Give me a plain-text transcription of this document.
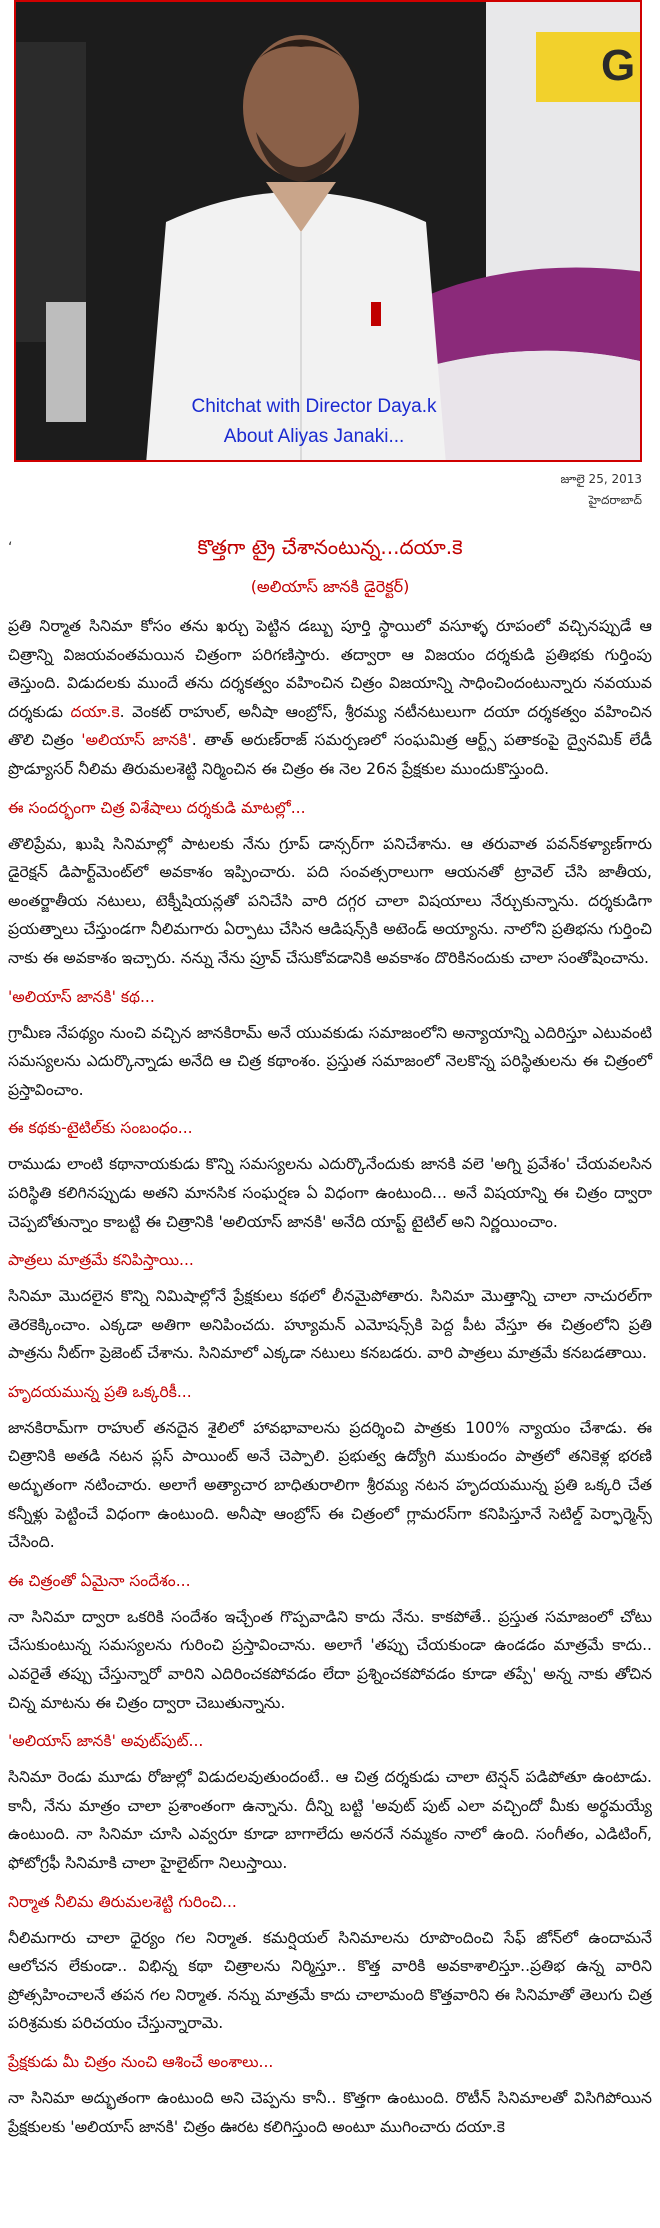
G
Chitchat with Director Daya.k
About Aliyas Janaki...
జూలై 25, 2013
హైదరాబాద్
‘	కొత్తగా ట్రై చేశానంటున్న...దయా.కె
(అలియాస్ జానకి డైరెక్టర్)

ప్రతి నిర్మాత సినిమా కోసం తను ఖర్చు పెట్టిన డబ్బు పూర్తి స్థాయిలో వసూళ్ళ రూపంలో వచ్చినప్పుడే ఆ చిత్రాన్ని విజయవంతమయిన చిత్రంగా పరిగణిస్తారు. తద్వారా ఆ విజయం దర్శకుడి ప్రతిభకు గుర్తింపు తెస్తుంది. విడుదలకు ముందే తను దర్శకత్వం వహించిన చిత్రం విజయాన్ని సాధించిందంటున్నారు నవయువ దర్శకుడు దయా.కె. వెంకట్ రాహుల్, అనీషా ఆంబ్రోస్, శ్రీరమ్య నటీనటులుగా దయా దర్శకత్వం వహించిన తొలి చిత్రం 'అలియాస్ జానకి'. తాత్ అరుణ్‌రాజ్ సమర్పణలో సంఘమిత్ర ఆర్ట్స్ పతాకంపై ద్వైనమిక్ లేడీ ప్రొడ్యూసర్ నీలిమ తిరుమలశెట్టి నిర్మించిన ఈ చిత్రం ఈ నెల 26న ప్రేక్షకుల ముందుకొస్తుంది.

ఈ సందర్భంగా చిత్ర విశేషాలు దర్శకుడి మాటల్లో...

తొలిప్రేమ, ఖుషి సినిమాల్లో పాటలకు నేను గ్రూప్ డాన్సర్‌గా పనిచేశాను. ఆ తరువాత పవన్‌కళ్యాణ్‌గారు డైరెక్షన్ డిపార్ట్‌మెంట్‌లో అవకాశం ఇప్పించారు. పది సంవత్సరాలుగా ఆయనతో ట్రావెల్ చేసి జాతీయ, అంతర్జాతీయ నటులు, టెక్నీషియన్లతో పనిచేసి వారి దగ్గర చాలా విషయాలు నేర్చుకున్నాను. దర్శకుడిగా ప్రయత్నాలు చేస్తుండగా నీలిమగారు ఏర్పాటు చేసిన ఆడిషన్స్‌కి అటెండ్ అయ్యాను. నాలోని ప్రతిభను గుర్తించి నాకు ఈ అవకాశం ఇచ్చారు. నన్ను నేను ప్రూవ్ చేసుకోవడానికి అవకాశం దొరికినందుకు చాలా సంతోషించాను.

'అలియాస్ జానకి' కథ...

గ్రామీణ నేపథ్యం నుంచి వచ్చిన జానకిరామ్ అనే యువకుడు సమాజంలోని అన్యాయాన్ని ఎదిరిస్తూ ఎటువంటి సమస్యలను ఎదుర్కొన్నాడు అనేది ఆ చిత్ర కథాంశం. ప్రస్తుత సమాజంలో నెలకొన్న పరిస్థితులను ఈ చిత్రంలో ప్రస్తావించాం.

ఈ కథకు-టైటిల్‌కు సంబంధం...

రాముడు లాంటి కథానాయకుడు కొన్ని సమస్యలను ఎదుర్కొనేందుకు జానకి వలె 'అగ్ని ప్రవేశం' చేయవలసిన పరిస్థితి కలిగినప్పుడు అతని మానసిక సంఘర్షణ ఏ విధంగా ఉంటుంది... అనే విషయాన్ని ఈ చిత్రం ద్వారా చెప్పబోతున్నాం కాబట్టి ఈ చిత్రానికి 'అలియాస్ జానకి' అనేది యాప్ట్ టైటిల్ అని నిర్ణయించాం.

పాత్రలు మాత్రమే కనిపిస్తాయి...

సినిమా మొదలైన కొన్ని నిమిషాల్లోనే ప్రేక్షకులు కథలో లీనమైపోతారు. సినిమా మొత్తాన్ని చాలా నాచురల్‌గా తెరకెక్కించాం. ఎక్కడా అతిగా అనిపించదు. హ్యూమన్ ఎమోషన్స్‌కి పెద్ద పీట వేస్తూ ఈ చిత్రంలోని ప్రతి పాత్రను నీట్‌గా ప్రెజెంట్ చేశాను. సినిమాలో ఎక్కడా నటులు కనబడరు. వారి పాత్రలు మాత్రమే కనబడతాయి.

హృదయమున్న ప్రతి ఒక్కరికీ...

జానకిరామ్‌గా రాహుల్ తనదైన శైలిలో హావభావాలను ప్రదర్శించి పాత్రకు 100% న్యాయం చేశాడు. ఈ చిత్రానికి అతడి నటన ప్లస్ పాయింట్ అనే చెప్పాలి. ప్రభుత్వ ఉద్యోగి ముకుందం పాత్రలో తనికెళ్ల భరణి అద్భుతంగా నటించారు. అలాగే అత్యాచార బాధితురాలిగా శ్రీరమ్య నటన హృదయమున్న ప్రతి ఒక్కరి చేత కన్నీళ్లు పెట్టించే విధంగా ఉంటుంది. అనీషా ఆంబ్రోస్ ఈ చిత్రంలో గ్లామరస్‌గా కనిపిస్తూనే సెటిల్డ్ పెర్ఫార్మెన్స్ చేసింది.

ఈ చిత్రంతో ఏమైనా సందేశం...

నా సినిమా ద్వారా ఒకరికి సందేశం ఇచ్చేంత గొప్పవాడిని కాదు నేను. కాకపోతే.. ప్రస్తుత సమాజంలో చోటు చేసుకుంటున్న సమస్యలను గురించి ప్రస్తావించాను. అలాగే 'తప్పు చేయకుండా ఉండడం మాత్రమే కాదు.. ఎవరైతే తప్పు చేస్తున్నారో వారిని ఎదిరించకపోవడం లేదా ప్రశ్నించకపోవడం కూడా తప్పే' అన్న నాకు తోచిన చిన్న మాటను ఈ చిత్రం ద్వారా చెబుతున్నాను.

'అలియాస్ జానకి' అవుట్‌పుట్...

సినిమా రెండు మూడు రోజుల్లో విడుదలవుతుందంటే.. ఆ చిత్ర దర్శకుడు చాలా టెన్షన్ పడిపోతూ ఉంటాడు. కానీ, నేను మాత్రం చాలా ప్రశాంతంగా ఉన్నాను. దీన్ని బట్టి 'అవుట్ పుట్ ఎలా వచ్చిందో మీకు అర్థమయ్యే ఉంటుంది. నా సినిమా చూసి ఎవ్వరూ కూడా బాగాలేదు అనరనే నమ్మకం నాలో ఉంది. సంగీతం, ఎడిటింగ్, ఫోటోగ్రఫీ సినిమాకి చాలా హైలైట్‌గా నిలుస్తాయి.

నిర్మాత నీలిమ తిరుమలశెట్టి గురించి...

నీలిమగారు చాలా ధైర్యం గల నిర్మాత. కమర్షియల్ సినిమాలను రూపొందించి సేఫ్ జోన్‌లో ఉందామనే ఆలోచన లేకుండా.. విభిన్న కథా చిత్రాలను నిర్మిస్తూ.. కొత్త వారికి అవకాశాలిస్తూ..ప్రతిభ ఉన్న వారిని ప్రోత్సహించాలనే తపన గల నిర్మాత. నన్ను మాత్రమే కాదు చాలామంది కొత్తవారిని ఈ సినిమాతో తెలుగు చిత్ర పరిశ్రమకు పరిచయం చేస్తున్నారామె.

ప్రేక్షకుడు మీ చిత్రం నుంచి ఆశించే అంశాలు...

నా సినిమా అద్భుతంగా ఉంటుంది అని చెప్పను కానీ.. కొత్తగా ఉంటుంది. రొటీన్ సినిమాలతో విసిగిపోయిన ప్రేక్షకులకు 'అలియాస్ జానకి' చిత్రం ఊరట కలిగిస్తుంది అంటూ ముగించారు దయా.కె
